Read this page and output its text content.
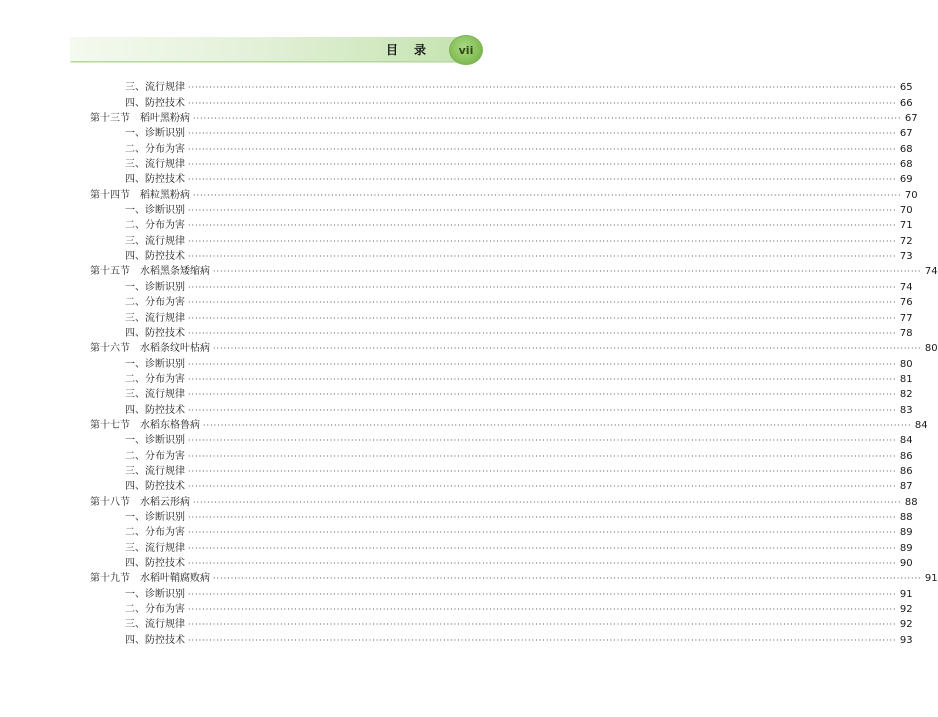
目录	vii
三、流行规律 ········································································································································································································ 65
四、防控技术 ········································································································································································································ 66
第十三节　稻叶黑粉病 ········································································································································································································ 67
一、诊断识别 ········································································································································································································ 67
二、分布为害 ········································································································································································································ 68
三、流行规律 ········································································································································································································ 68
四、防控技术 ········································································································································································································ 69
第十四节　稻粒黑粉病 ········································································································································································································ 70
一、诊断识别 ········································································································································································································ 70
二、分布为害 ········································································································································································································ 71
三、流行规律 ········································································································································································································ 72
四、防控技术 ········································································································································································································ 73
第十五节　水稻黑条矮缩病 ········································································································································································································ 74
一、诊断识别 ········································································································································································································ 74
二、分布为害 ········································································································································································································ 76
三、流行规律 ········································································································································································································ 77
四、防控技术 ········································································································································································································ 78
第十六节　水稻条纹叶枯病 ········································································································································································································ 80
一、诊断识别 ········································································································································································································ 80
二、分布为害 ········································································································································································································ 81
三、流行规律 ········································································································································································································ 82
四、防控技术 ········································································································································································································ 83
第十七节　水稻东格鲁病 ········································································································································································································ 84
一、诊断识别 ········································································································································································································ 84
二、分布为害 ········································································································································································································ 86
三、流行规律 ········································································································································································································ 86
四、防控技术 ········································································································································································································ 87
第十八节　水稻云形病 ········································································································································································································ 88
一、诊断识别 ········································································································································································································ 88
二、分布为害 ········································································································································································································ 89
三、流行规律 ········································································································································································································ 89
四、防控技术 ········································································································································································································ 90
第十九节　水稻叶鞘腐败病 ········································································································································································································ 91
一、诊断识别 ········································································································································································································ 91
二、分布为害 ········································································································································································································ 92
三、流行规律 ········································································································································································································ 92
四、防控技术 ········································································································································································································ 93
